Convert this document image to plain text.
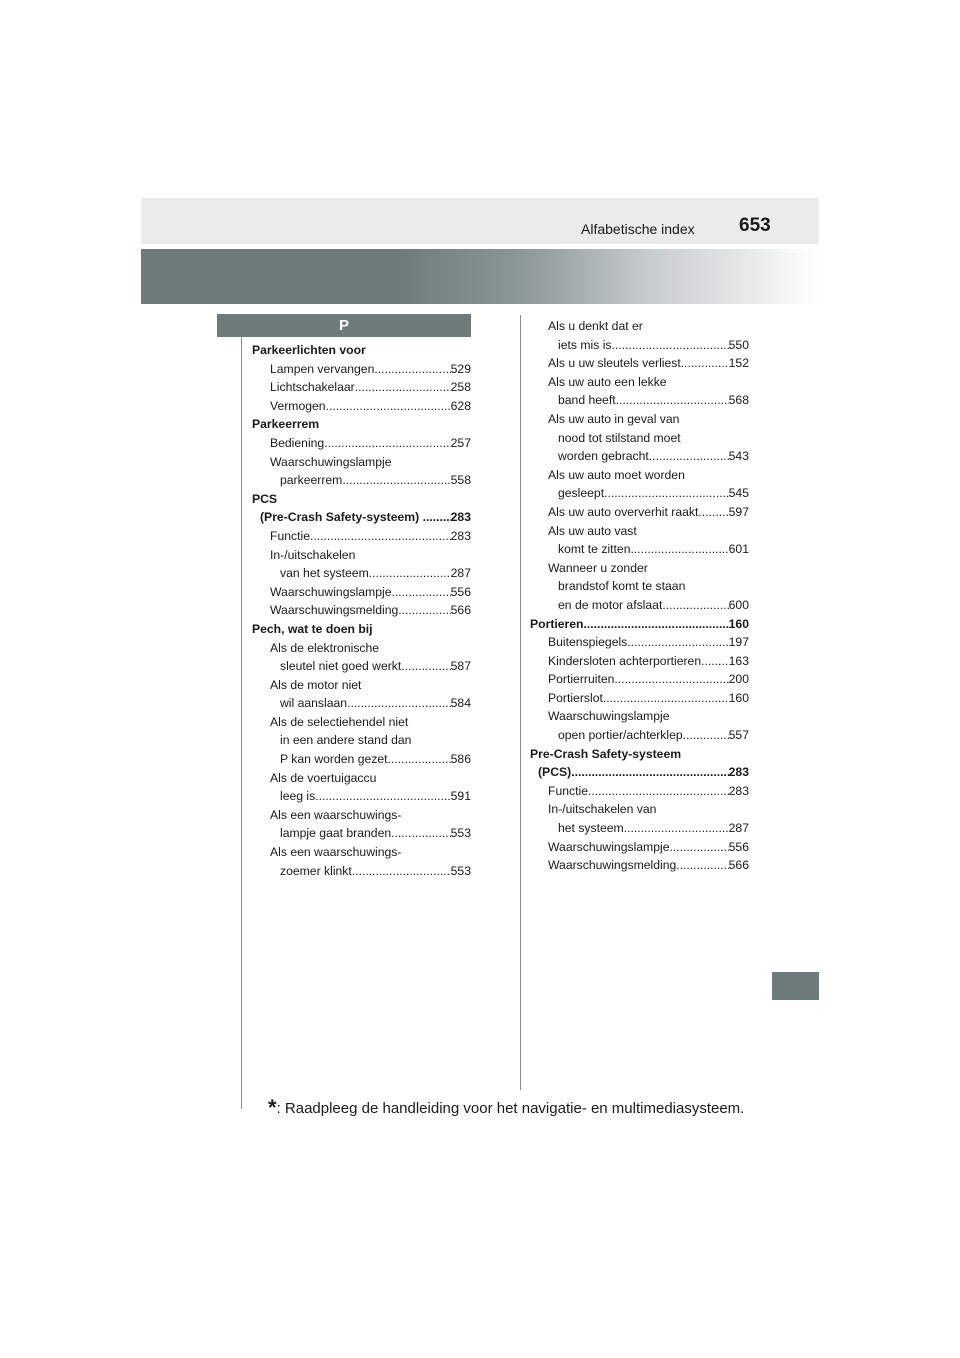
Alfabetische index 653
P
Parkeerlichten voor
Lampen vervangen .....	529
Lichtschakelaar .....	258
Vermogen .....	628
Parkeerrem
Bediening .....	257
Waarschuwingslampje
parkeerrem .....	558
PCS
(Pre-Crash Safety-systeem) . ..... 283
Functie .....	283
In-/uitschakelen
van het systeem .....	287
Waarschuwingslampje .....	556
Waarschuwingsmelding .....	566
Pech, wat te doen bij
Als de elektronische
sleutel niet goed werkt .....	587
Als de motor niet
wil aanslaan .....	584
Als de selectiehendel niet
in een andere stand dan
P kan worden gezet .....	586
Als de voertuigaccu
leeg is .....	591
Als een waarschuwings-
lampje gaat branden .....	553
Als een waarschuwings-
zoemer klinkt .....	553
Als u denkt dat er
iets mis is .....	550
Als u uw sleutels verliest .....	152
Als uw auto een lekke
band heeft .....	568
Als uw auto in geval van
nood tot stilstand moet
worden gebracht .....	543
Als uw auto moet worden
gesleept .....	545
Als uw auto oververhit raakt ..... 597
Als uw auto vast
komt te zitten .....	601
Wanneer u zonder
brandstof komt te staan
en de motor afslaat .....	600
Portieren .....	160
Buitenspiegels .....	197
Kindersloten achterportieren ..... 163
Portierruiten .....	200
Portierslot .....	160
Waarschuwingslampje
open portier/achterklep .....	557
Pre-Crash Safety-systeem
(PCS) .....	283
Functie .....	283
In-/uitschakelen van
het systeem .....	287
Waarschuwingslampje .....	556
Waarschuwingsmelding .....	566
*: Raadpleeg de handleiding voor het navigatie- en multimediasysteem.
